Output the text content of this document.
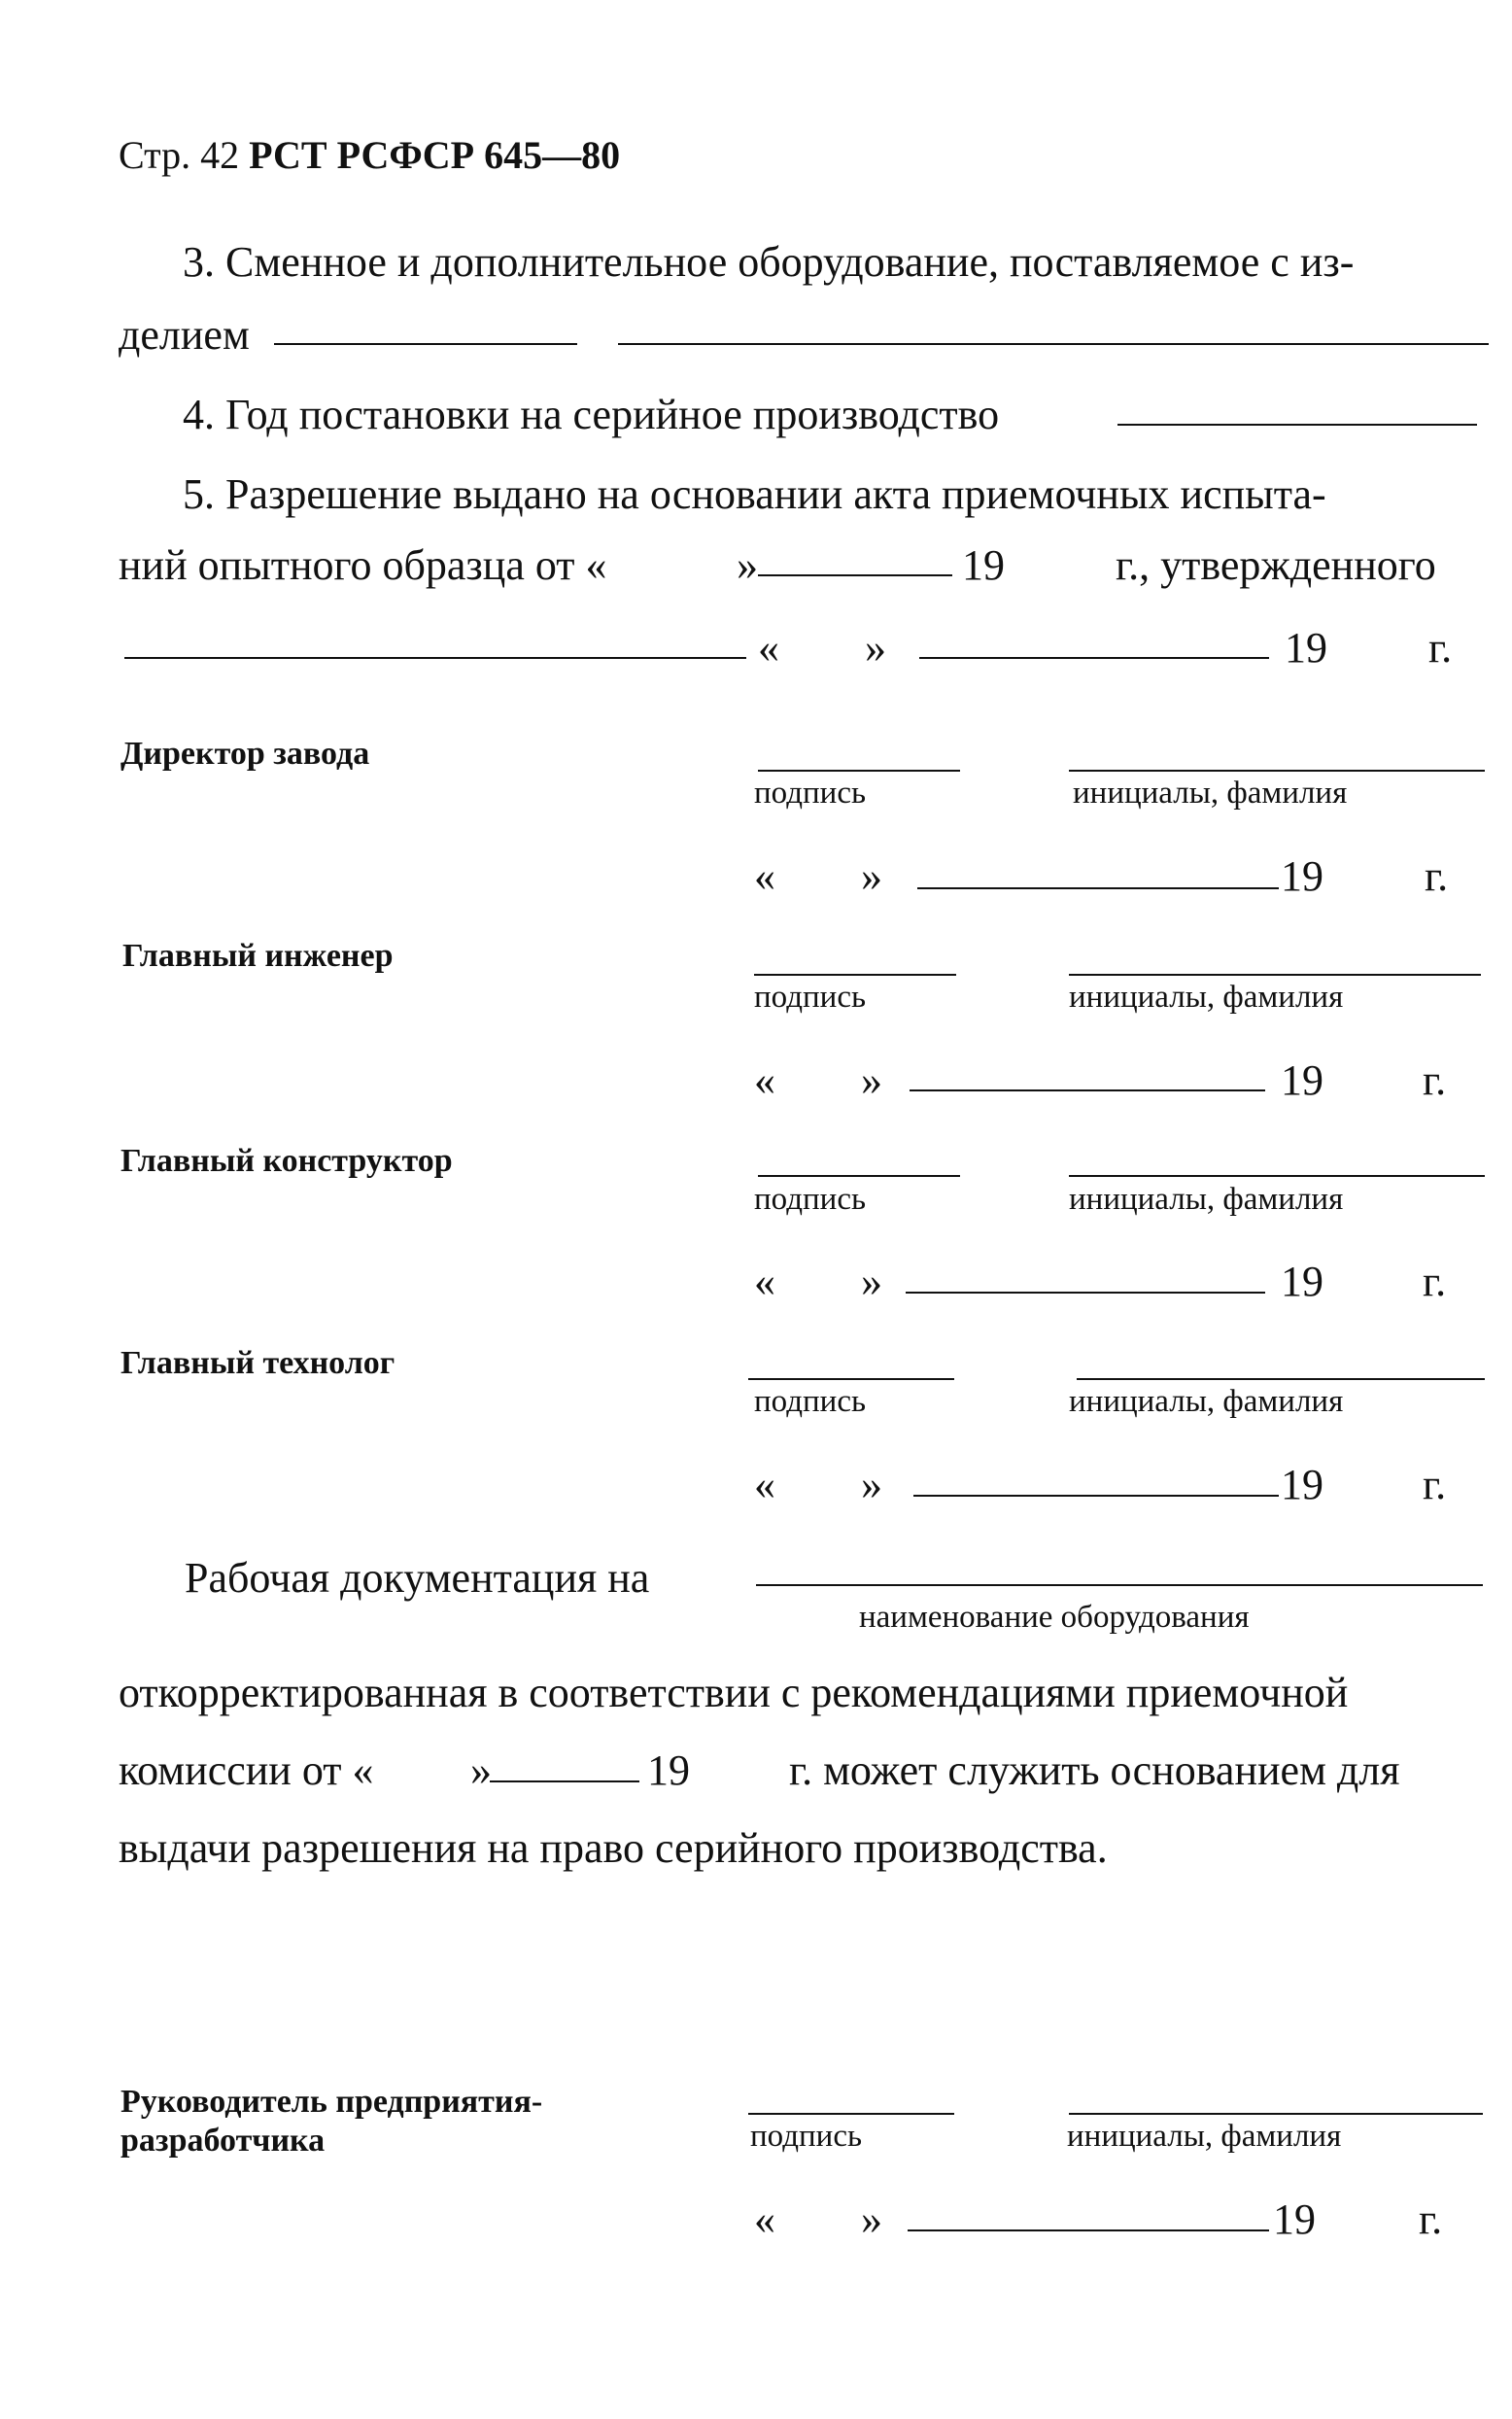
Стр. 42 РСТ РСФСР 645—80
3. Сменное и дополнительное оборудование, поставляемое с из-
делием
4. Год постановки на серийное производство
5. Разрешение выдано на основании акта приемочных испыта-
ний опытного образца от «	»	19	г., утвержденного
« »	19 г.
Директор завода
подпись	инициалы, фамилия
« »	19 г.
Главный инженер
подпись	инициалы, фамилия
« »	19 г.
Главный конструктор
подпись	инициалы, фамилия
« »	19 г.
Главный технолог
подпись	инициалы, фамилия
« »	19 г.
Рабочая документация на
наименование оборудования
откорректированная в соответствии с рекомендациями приемочной
комиссии от « »	19 г. может служить основанием для
выдачи разрешения на право серийного производства.
Руководитель предприятия-
разработчика	подпись	инициалы, фамилия
« »	19 г.
